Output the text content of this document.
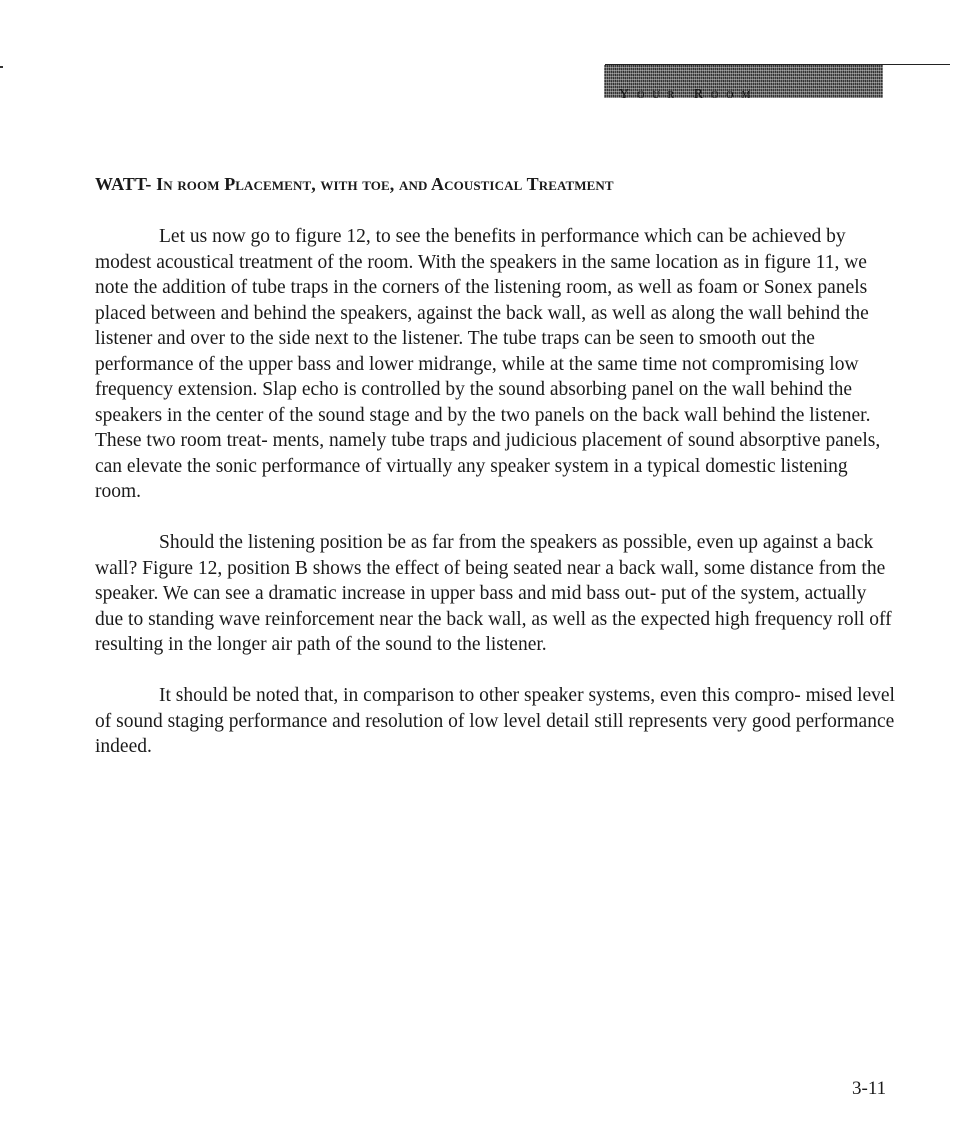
Your Room
WATT- In room Placement, with toe, and Acoustical Treatment

Let us now go to figure 12, to see the benefits in performance which can be achieved by modest acoustical treatment of the room. With the speakers in the same location as in figure 11, we note the addition of tube traps in the corners of the listening room, as well as foam or Sonex panels placed between and behind the speakers, against the back wall, as well as along the wall behind the listener and over to the side next to the listener. The tube traps can be seen to smooth out the performance of the upper bass and lower midrange, while at the same time not compromising low frequency extension. Slap echo is controlled by the sound absorbing panel on the wall behind the speakers in the center of the sound stage and by the two panels on the back wall behind the listener. These two room treat- ments, namely tube traps and judicious placement of sound absorptive panels, can elevate the sonic performance of virtually any speaker system in a typical domestic listening room.

Should the listening position be as far from the speakers as possible, even up against a back wall? Figure 12, position B shows the effect of being seated near a back wall, some distance from the speaker. We can see a dramatic increase in upper bass and mid bass out- put of the system, actually due to standing wave reinforcement near the back wall, as well as the expected high frequency roll off resulting in the longer air path of the sound to the listener.

It should be noted that, in comparison to other speaker systems, even this compro- mised level of sound staging performance and resolution of low level detail still represents very good performance indeed.

3-11
